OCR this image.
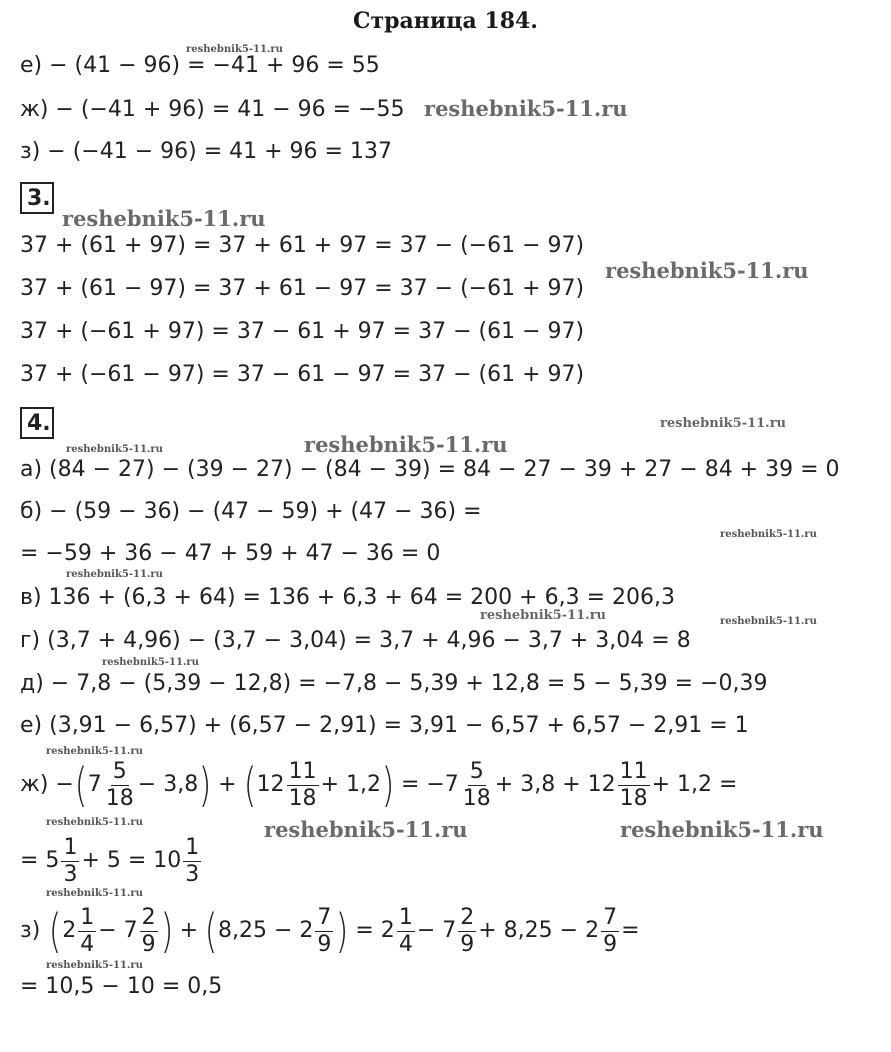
Страница 184.
е) − (41 − 96) = −41 + 96 = 55
ж) − (−41 + 96) = 41 − 96 = −55
з) − (−41 − 96) = 41 + 96 = 137
3.
37 + (61 + 97) = 37 + 61 + 97 = 37 − (−61 − 97)
37 + (61 − 97) = 37 + 61 − 97 = 37 − (−61 + 97)
37 + (−61 + 97) = 37 − 61 + 97 = 37 − (61 − 97)
37 + (−61 − 97) = 37 − 61 − 97 = 37 − (61 + 97)
4.
а) (84 − 27) − (39 − 27) − (84 − 39) = 84 − 27 − 39 + 27 − 84 + 39 = 0
б) − (59 − 36) − (47 − 59) + (47 − 36) =
= −59 + 36 − 47 + 59 + 47 − 36 = 0
в) 136 + (6,3 + 64) = 136 + 6,3 + 64 = 200 + 6,3 = 206,3
г) (3,7 + 4,96) − (3,7 − 3,04) = 3,7 + 4,96 − 3,7 + 3,04 = 8
д) − 7,8 − (5,39 − 12,8) = −7,8 − 5,39 + 12,8 = 5 − 5,39 = −0,39
е) (3,91 − 6,57) + (6,57 − 2,91) = 3,91 − 6,57 + 6,57 − 2,91 = 1
ж) − ( $7 \frac{5}{18} - 3,8$ ) + ( $12 \frac{11}{18} + 1,2$ ) = $-7 \frac{5}{18} + 3,8 + 12 \frac{11}{18} + 1,2$ =
= $5 \frac{1}{3} + 5 = 10 \frac{1}{3}$
з) ( $2 \frac{1}{4} - 7 \frac{2}{9}$ ) + ( $8,25 - 2 \frac{7}{9}$ ) = $2 \frac{1}{4} - 7 \frac{2}{9} + 8,25 - 2 \frac{7}{9}$ =
= 10,5 − 10 = 0,5
reshebnik5-11.ru
reshebnik5-11.ru
reshebnik5-11.ru
reshebnik5-11.ru
reshebnik5-11.ru
reshebnik5-11.ru	reshebnik5-11.ru
reshebnik5-11.ru
reshebnik5-11.ru
reshebnik5-11.ru	reshebnik5-11.ru
reshebnik5-11.ru
reshebnik5-11.ru
reshebnik5-11.ru	reshebnik5-11.ru
reshebnik5-11.ru
reshebnik5-11.ru
reshebnik5-11.ru
